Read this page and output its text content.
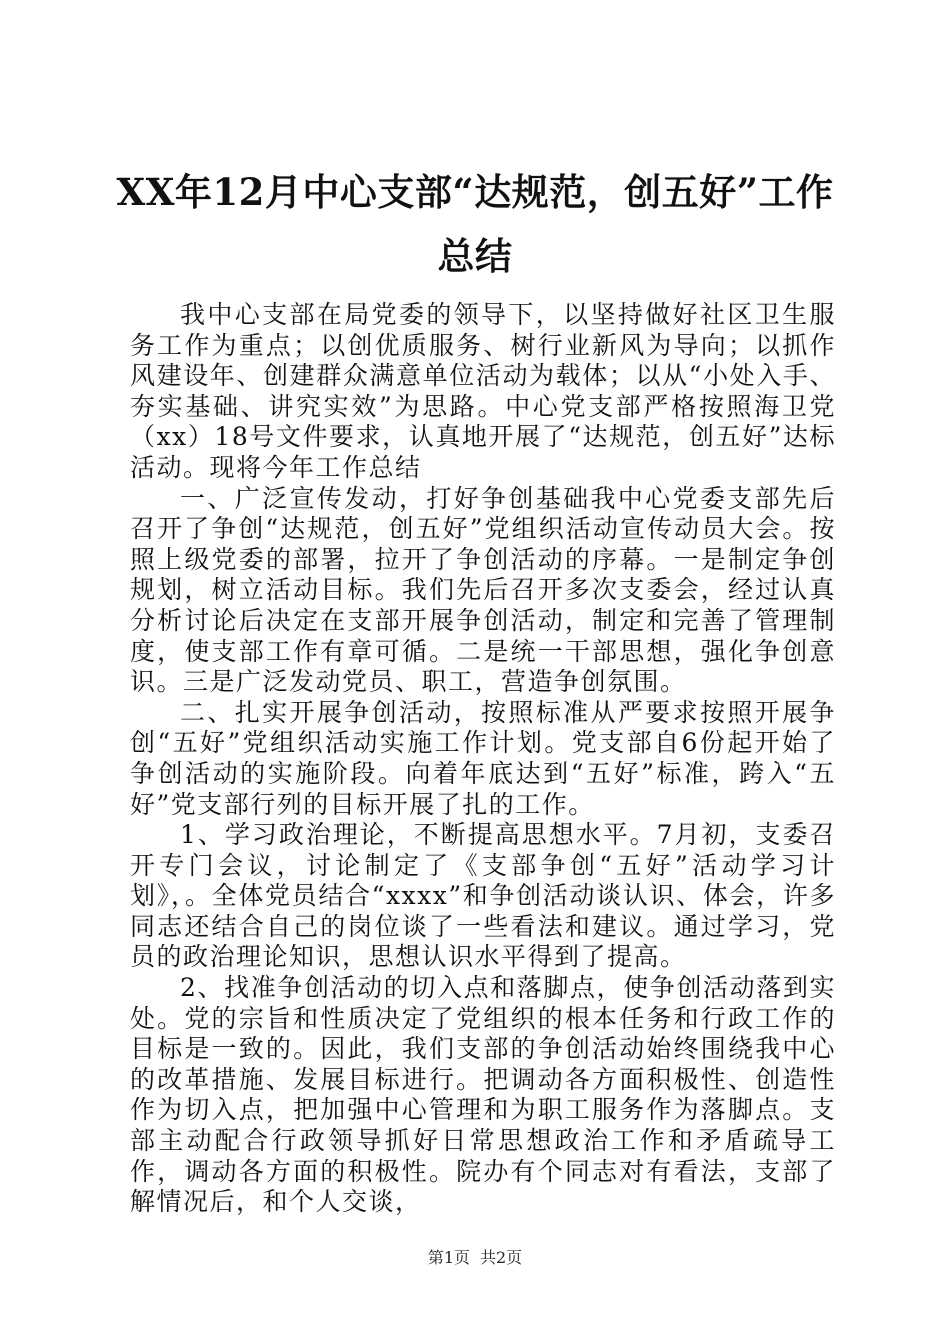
XX年12月中心支部“达规范，创五好”工作
总结

我中心支部在局党委的领导下，以坚持做好社区卫生服务工作为重点；以创优质服务、树行业新风为导向；以抓作风建设年、创建群众满意单位活动为载体；以从“小处入手、夯实基础、讲究实效”为思路。中心党支部严格按照海卫党（xx）18号文件要求，认真地开展了“达规范，创五好”达标活动。现将今年工作总结

一、广泛宣传发动，打好争创基础我中心党委支部先后召开了争创“达规范，创五好”党组织活动宣传动员大会。按照上级党委的部署，拉开了争创活动的序幕。一是制定争创规划，树立活动目标。我们先后召开多次支委会，经过认真分析讨论后决定在支部开展争创活动，制定和完善了管理制度，使支部工作有章可循。二是统一干部思想，强化争创意识。三是广泛发动党员、职工，营造争创氛围。

二、扎实开展争创活动，按照标准从严要求按照开展争创“五好”党组织活动实施工作计划。党支部自6份起开始了争创活动的实施阶段。向着年底达到“五好”标准，跨入“五好”党支部行列的目标开展了扎的工作。

1、学习政治理论，不断提高思想水平。7月初，支委召开专门会议，讨论制定了《支部争创“五好”活动学习计划》，。全体党员结合“xxxx”和争创活动谈认识、体会，许多同志还结合自己的岗位谈了一些看法和建议。通过学习，党员的政治理论知识，思想认识水平得到了提高。

2、找准争创活动的切入点和落脚点，使争创活动落到实处。党的宗旨和性质决定了党组织的根本任务和行政工作的目标是一致的。因此，我们支部的争创活动始终围绕我中心的改革措施、发展目标进行。把调动各方面积极性、创造性作为切入点，把加强中心管理和为职工服务作为落脚点。支部主动配合行政领导抓好日常思想政治工作和矛盾疏导工作，调动各方面的积极性。院办有个同志对有看法，支部了解情况后，和个人交谈，

第1页 共2页
